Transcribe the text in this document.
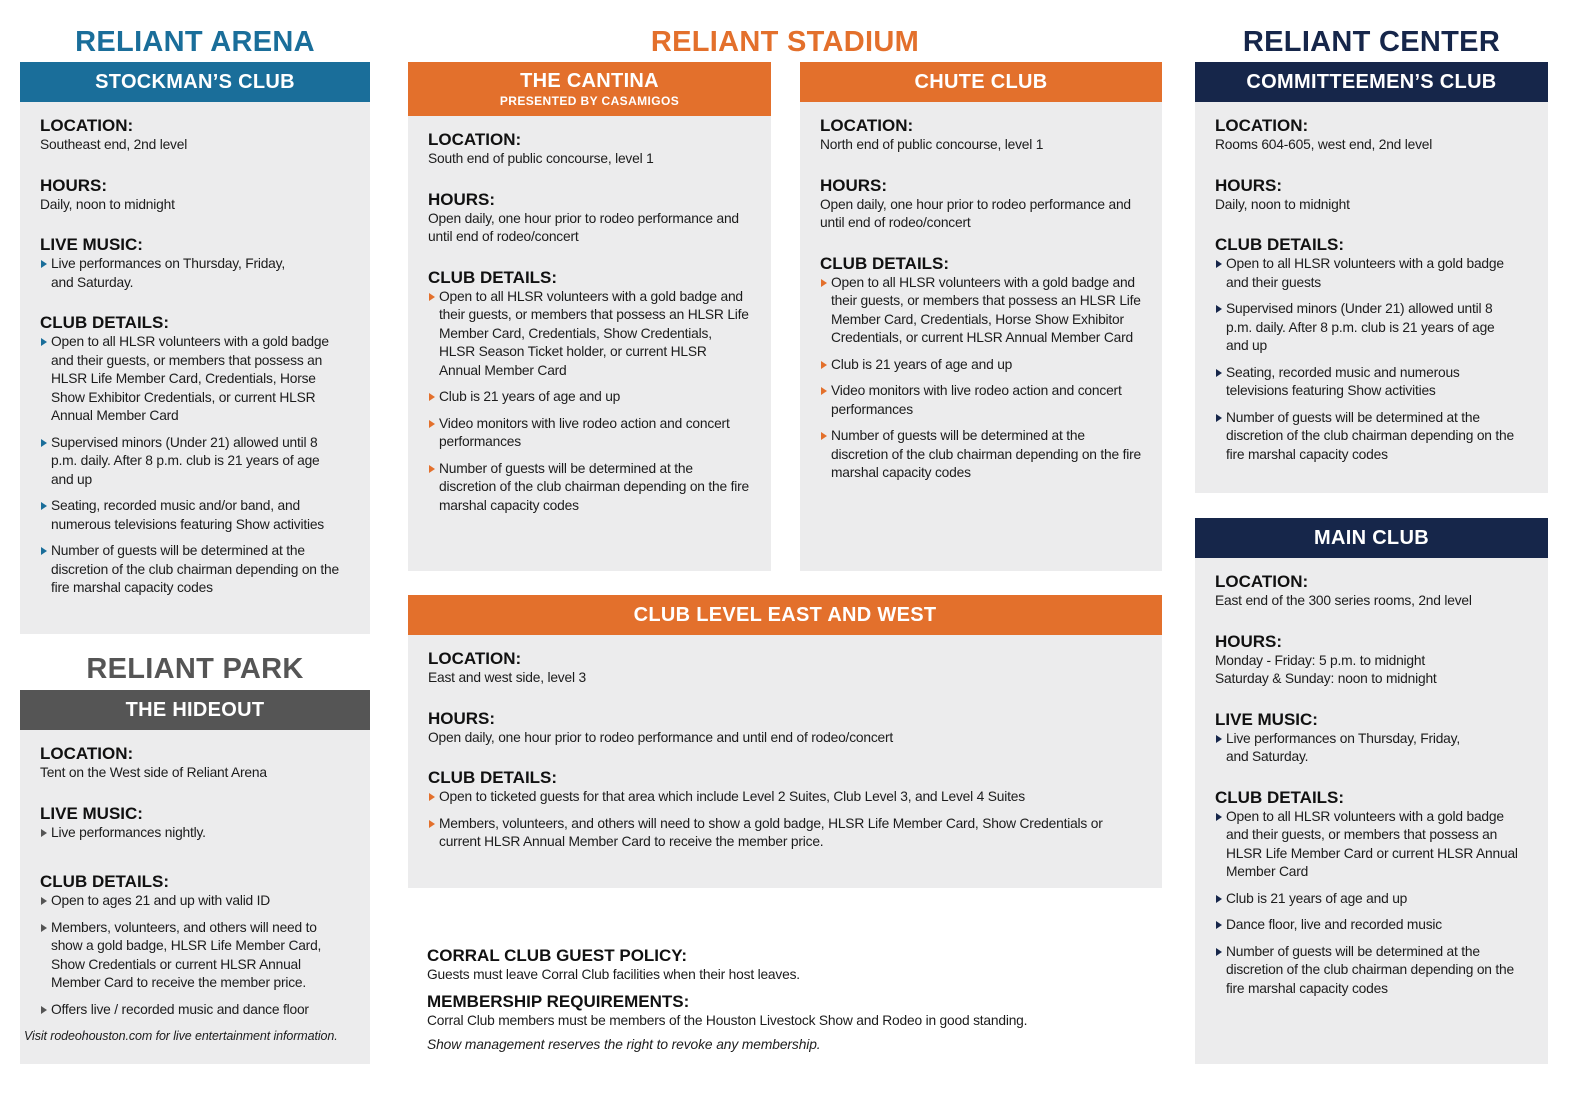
RELIANT ARENA
STOCKMAN’S CLUB
LOCATION:
Southeast end, 2nd level
HOURS:
Daily, noon to midnight
LIVE MUSIC:
Live performances on Thursday, Friday, and Saturday.
CLUB DETAILS:
Open to all HLSR volunteers with a gold badge and their guests, or members that possess an HLSR Life Member Card, Credentials, Horse Show Exhibitor Credentials, or current HLSR Annual Member Card
Supervised minors (Under 21) allowed until 8 p.m. daily. After 8 p.m. club is 21 years of age and up
Seating, recorded music and/or band, and numerous televisions featuring Show activities
Number of guests will be determined at the discretion of the club chairman depending on the fire marshal capacity codes
RELIANT PARK
THE HIDEOUT
LOCATION:
Tent on the West side of Reliant Arena
LIVE MUSIC:
Live performances nightly.
CLUB DETAILS:
Open to ages 21 and up with valid ID
Members, volunteers, and others will need to show a gold badge, HLSR Life Member Card, Show Credentials or current HLSR Annual Member Card to receive the member price.
Offers live / recorded music and dance floor
Visit rodeohouston.com for live entertainment information.
RELIANT STADIUM
THE CANTINA
PRESENTED BY CASAMIGOS
LOCATION:
South end of public concourse, level 1
HOURS:
Open daily, one hour prior to rodeo performance and until end of rodeo/concert
CLUB DETAILS:
Open to all HLSR volunteers with a gold badge and their guests, or members that possess an HLSR Life Member Card, Credentials, Show Credentials, HLSR Season Ticket holder, or current HLSR Annual Member Card
Club is 21 years of age and up
Video monitors with live rodeo action and concert performances
Number of guests will be determined at the discretion of the club chairman depending on the fire marshal capacity codes
CHUTE CLUB
LOCATION:
North end of public concourse, level 1
HOURS:
Open daily, one hour prior to rodeo performance and until end of rodeo/concert
CLUB DETAILS:
Open to all HLSR volunteers with a gold badge and their guests, or members that possess an HLSR Life Member Card, Credentials, Horse Show Exhibitor Credentials, or current HLSR Annual Member Card
Club is 21 years of age and up
Video monitors with live rodeo action and concert performances
Number of guests will be determined at the discretion of the club chairman depending on the fire marshal capacity codes
CLUB LEVEL EAST AND WEST
LOCATION:
East and west side, level 3
HOURS:
Open daily, one hour prior to rodeo performance and until end of rodeo/concert
CLUB DETAILS:
Open to ticketed guests for that area which include Level 2 Suites, Club Level 3, and Level 4 Suites
Members, volunteers, and others will need to show a gold badge, HLSR Life Member Card, Show Credentials or current HLSR Annual Member Card to receive the member price.
CORRAL CLUB GUEST POLICY:
Guests must leave Corral Club facilities when their host leaves.
MEMBERSHIP REQUIREMENTS:
Corral Club members must be members of the Houston Livestock Show and Rodeo in good standing.
Show management reserves the right to revoke any membership.
RELIANT CENTER
COMMITTEEMEN’S CLUB
LOCATION:
Rooms 604-605, west end, 2nd level
HOURS:
Daily, noon to midnight
CLUB DETAILS:
Open to all HLSR volunteers with a gold badge and their guests
Supervised minors (Under 21) allowed until 8 p.m. daily. After 8 p.m. club is 21 years of age and up
Seating, recorded music and numerous televisions featuring Show activities
Number of guests will be determined at the discretion of the club chairman depending on the fire marshal capacity codes
MAIN CLUB
LOCATION:
East end of the 300 series rooms, 2nd level
HOURS:
Monday - Friday: 5 p.m. to midnight
Saturday & Sunday: noon to midnight
LIVE MUSIC:
Live performances on Thursday, Friday, and Saturday.
CLUB DETAILS:
Open to all HLSR volunteers with a gold badge and their guests, or members that possess an HLSR Life Member Card or current HLSR Annual Member Card
Club is 21 years of age and up
Dance floor, live and recorded music
Number of guests will be determined at the discretion of the club chairman depending on the fire marshal capacity codes
